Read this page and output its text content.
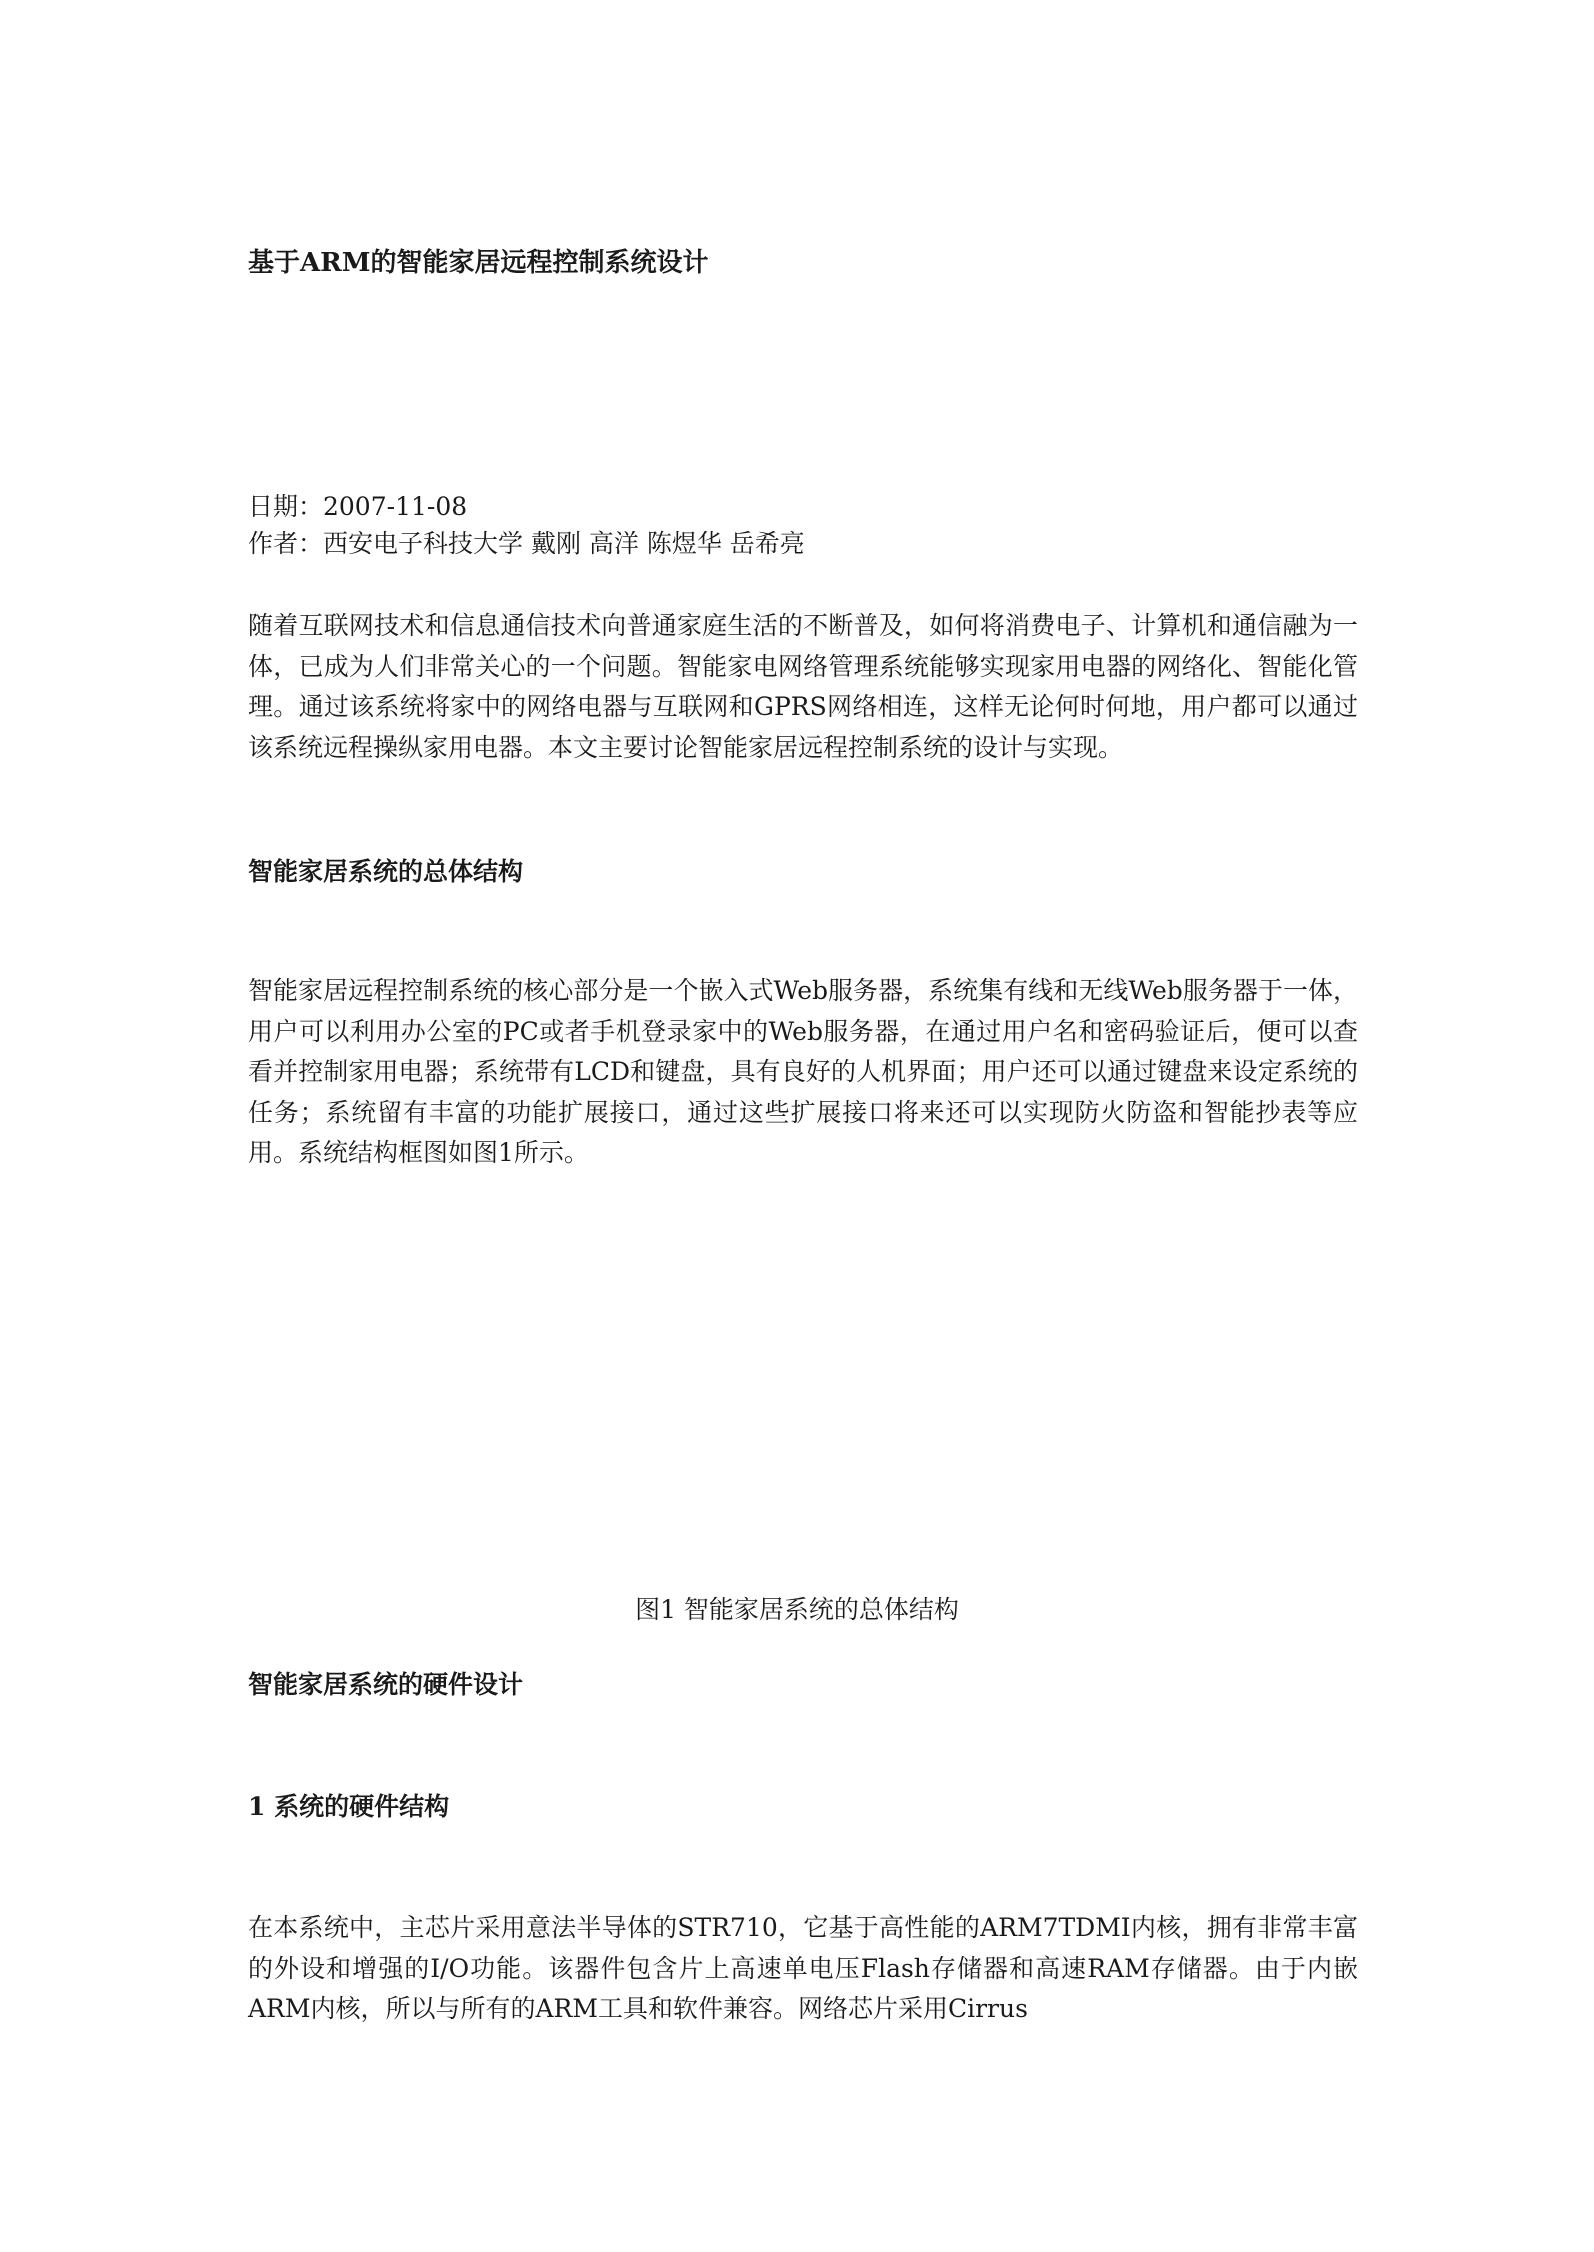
基于ARM的智能家居远程控制系统设计
日期：2007-11-08
作者：西安电子科技大学 戴刚 高洋 陈煜华 岳希亮

随着互联网技术和信息通信技术向普通家庭生活的不断普及，如何将消费电子、计算机和通信融为一体，已成为人们非常关心的一个问题。智能家电网络管理系统能够实现家用电器的网络化、智能化管理。通过该系统将家中的网络电器与互联网和GPRS网络相连，这样无论何时何地，用户都可以通过该系统远程操纵家用电器。本文主要讨论智能家居远程控制系统的设计与实现。

智能家居系统的总体结构

智能家居远程控制系统的核心部分是一个嵌入式Web服务器，系统集有线和无线Web服务器于一体，用户可以利用办公室的PC或者手机登录家中的Web服务器，在通过用户名和密码验证后，便可以查看并控制家用电器；系统带有LCD和键盘，具有良好的人机界面；用户还可以通过键盘来设定系统的任务；系统留有丰富的功能扩展接口，通过这些扩展接口将来还可以实现防火防盗和智能抄表等应用。系统结构框图如图1所示。

图1 智能家居系统的总体结构
智能家居系统的硬件设计
1 系统的硬件结构

在本系统中，主芯片采用意法半导体的STR710，它基于高性能的ARM7TDMI内核，拥有非常丰富的外设和增强的I/O功能。该器件包含片上高速单电压Flash存储器和高速RAM存储器。由于内嵌ARM内核，所以与所有的ARM工具和软件兼容。网络芯片采用Cirrus
